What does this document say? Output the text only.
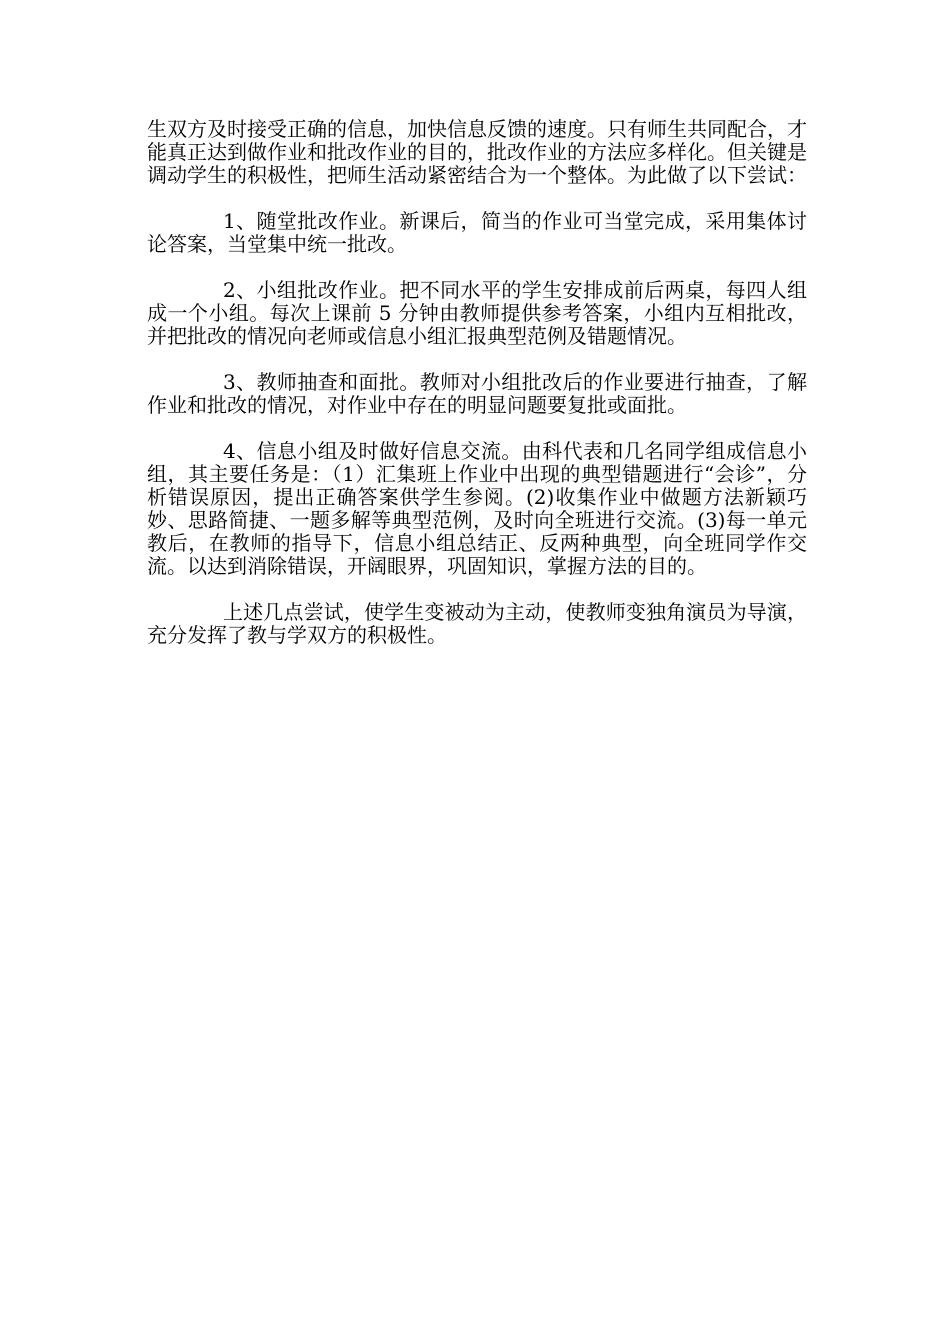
生双方及时接受正确的信息，加快信息反馈的速度。只有师生共同配合，才能真正达到做作业和批改作业的目的，批改作业的方法应多样化。但关键是调动学生的积极性，把师生活动紧密结合为一个整体。为此做了以下尝试：

1、随堂批改作业。新课后，简当的作业可当堂完成，采用集体讨论答案，当堂集中统一批改。

2、小组批改作业。把不同水平的学生安排成前后两桌，每四人组成一个小组。每次上课前 5 分钟由教师提供参考答案，小组内互相批改，并把批改的情况向老师或信息小组汇报典型范例及错题情况。

3、教师抽查和面批。教师对小组批改后的作业要进行抽查，了解作业和批改的情况，对作业中存在的明显问题要复批或面批。

4、信息小组及时做好信息交流。由科代表和几名同学组成信息小组，其主要任务是：（1）汇集班上作业中出现的典型错题进行“会诊”，分析错误原因，提出正确答案供学生参阅。(2)收集作业中做题方法新颖巧妙、思路简捷、一题多解等典型范例，及时向全班进行交流。(3)每一单元教后，在教师的指导下，信息小组总结正、反两种典型，向全班同学作交流。以达到消除错误，开阔眼界，巩固知识，掌握方法的目的。

上述几点尝试，使学生变被动为主动，使教师变独角演员为导演，充分发挥了教与学双方的积极性。
